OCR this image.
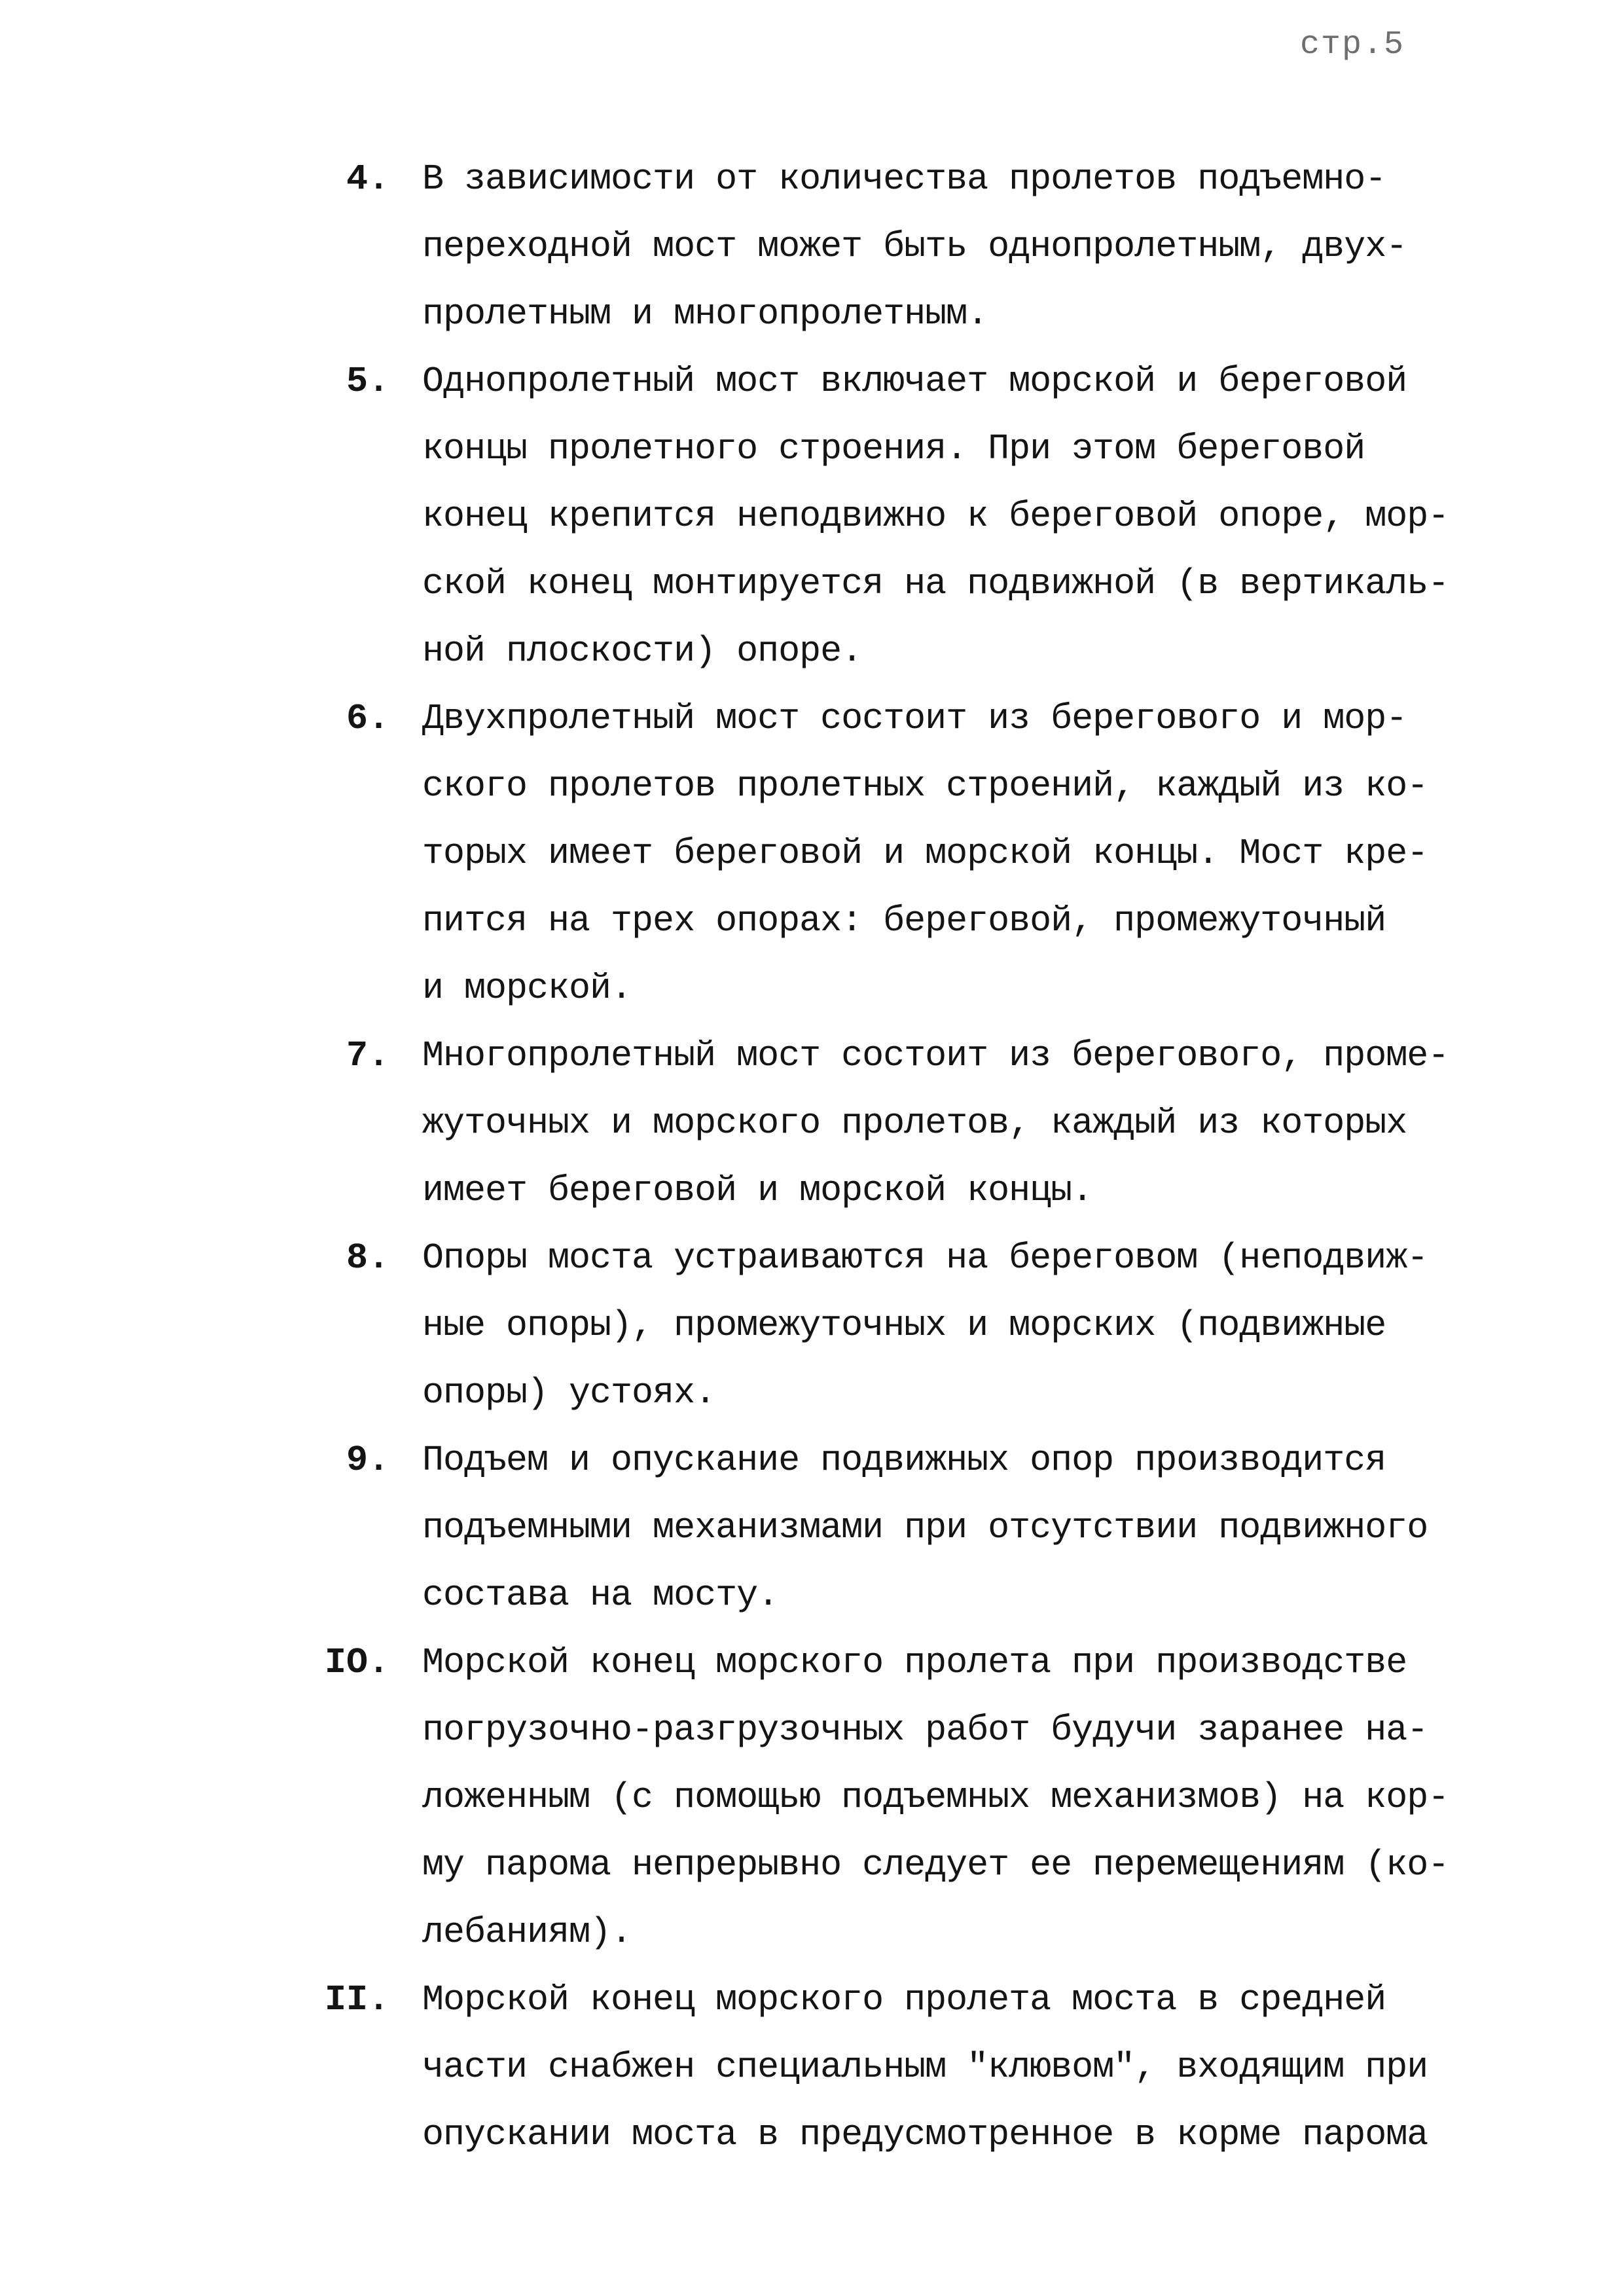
стр.5
4. В зависимости от количества пролетов подъемно-
переходной мост может быть однопролетным, двух-
пролетным и многопролетным.
5. Однопролетный мост включает морской и береговой
концы пролетного строения. При этом береговой
конец крепится неподвижно к береговой опоре, мор-
ской конец монтируется на подвижной (в вертикаль-
ной плоскости) опоре.
6. Двухпролетный мост состоит из берегового и мор-
ского пролетов пролетных строений, каждый из ко-
торых имеет береговой и морской концы. Мост кре-
пится на трех опорах: береговой, промежуточный
и морской.
7. Многопролетный мост состоит из берегового, проме-
жуточных и морского пролетов, каждый из которых
имеет береговой и морской концы.
8. Опоры моста устраиваются на береговом (неподвиж-
ные опоры), промежуточных и морских (подвижные
опоры) устоях.
9. Подъем и опускание подвижных опор производится
подъемными механизмами при отсутствии подвижного
состава на мосту.
IO. Морской конец морского пролета при производстве
погрузочно-разгрузочных работ будучи заранее на-
ложенным (с помощью подъемных механизмов) на кор-
му парома непрерывно следует ее перемещениям (ко-
лебаниям).
II. Морской конец морского пролета моста в средней
части снабжен специальным "клювом", входящим при
опускании моста в предусмотренное в корме парома
